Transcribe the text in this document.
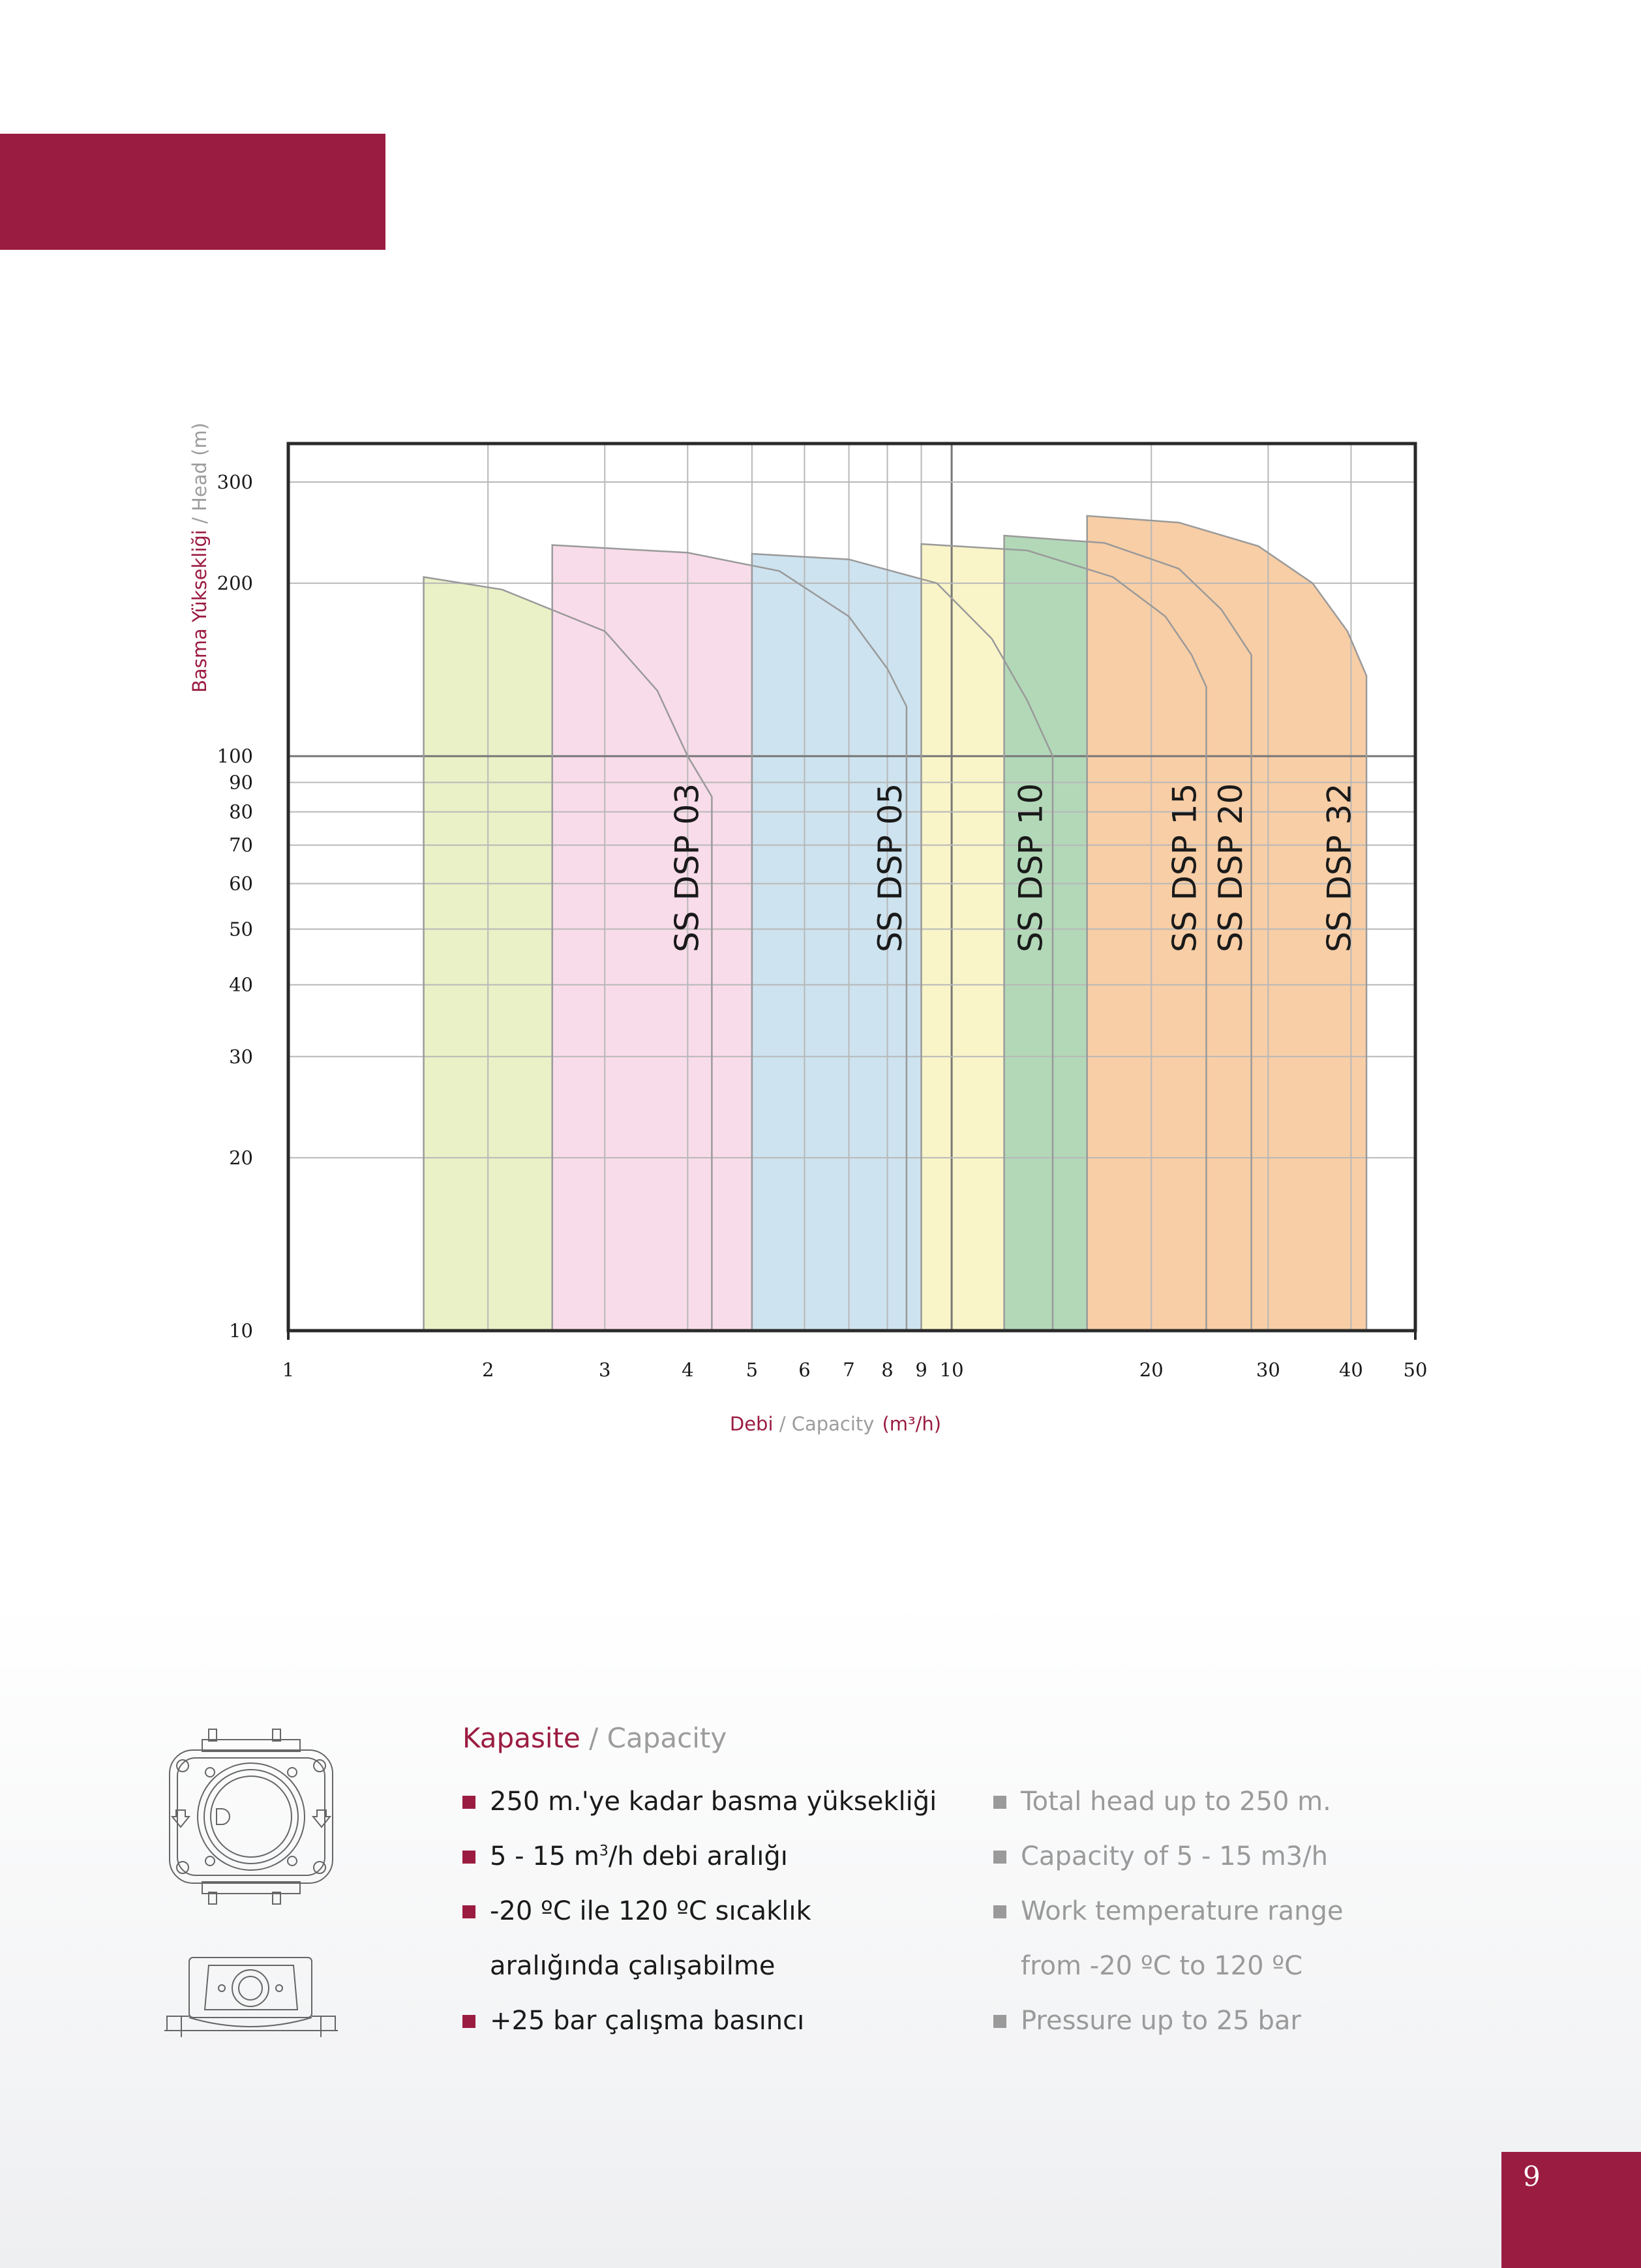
SS DSP 03	SS DSP 05	SS DSP 10	SS DSP 15 SS DSP 20 SS DSP 32
1	2	3	4	5 6 7 8 9 10	20	30	40 50
10
20
30
40
50
60
70
80
90
100
200
300
Basma Yüksekliği / Head (m)
Debi / Capacity (m³/h)
Kapasite / Capacity
250 m.'ye kadar basma yüksekliği
5 - 15 $m^3/h$ debi aralığı
-20 ºC ile 120 ºC sıcaklık
aralığında çalışabilme
+25 bar çalışma basıncı
Total head up to 250 m.
Capacity of 5 - 15 m3/h
Work temperature range
from -20 ºC to 120 ºC
Pressure up to 25 bar
9
